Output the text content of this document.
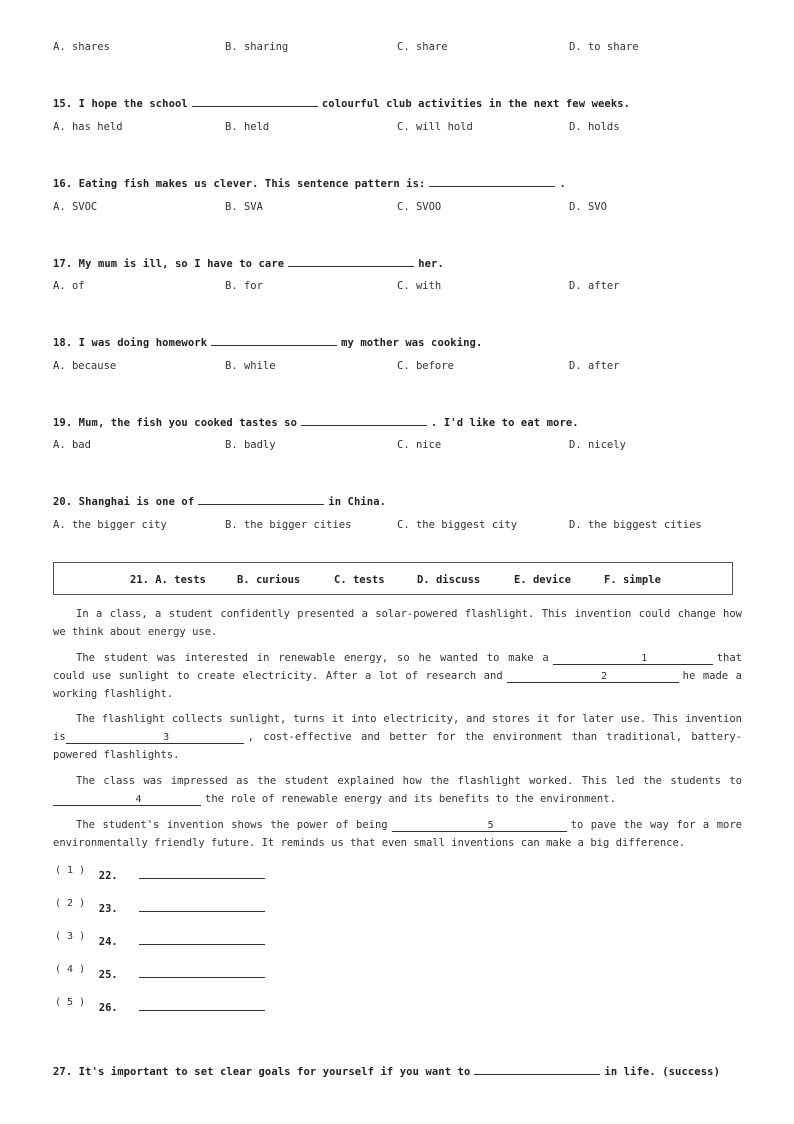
A. shares	B. sharing	C. share	D. to share
15. I hope the school	colourful club activities in the next few weeks.
A. has held	B. held	C. will hold	D. holds
16. Eating fish makes us clever. This sentence pattern is:	.
A. SVOC	B. SVA	C. SVOO	D. SVO
17. My mum is ill, so I have to care	her.
A. of	B. for	C. with	D. after
18. I was doing homework	my mother was cooking.
A. because	B. while	C. before	D. after
19. Mum, the fish you cooked tastes so	. I'd like to eat more.
A. bad	B. badly	C. nice	D. nicely
20. Shanghai is one of	in China.
A. the bigger city	B. the bigger cities	C. the biggest city	D. the biggest cities
21. A. tests	B. curious	C. tests	D. discuss	E. device	F. simple
In a class, a student confidently presented a solar-powered flashlight. This invention could change how we think about energy use.
The student was interested in renewable energy, so he wanted to make a	1	that could use sunlight to create electricity. After a lot of research and	2	he made a working flashlight.
The flashlight collects sunlight, turns it into electricity, and stores it for later use. This invention is	3	, cost-effective and better for the environment than traditional, battery-powered flashlights.
The class was impressed as the student explained how the flashlight worked. This led the students to4	the role of renewable energy and its benefits to the environment.
The student's invention shows the power of being	5	to pave the way for a more environmentally friendly future. It reminds us that even small inventions can make a big difference.
$^{( 1 )}$ 22.
$^{( 2 )}$ 23.
$^{( 3 )}$ 24.
$^{( 4 )}$ 25.
$^{( 5 )}$ 26.
27. It's important to set clear goals for yourself if you want to	in life. (success)
